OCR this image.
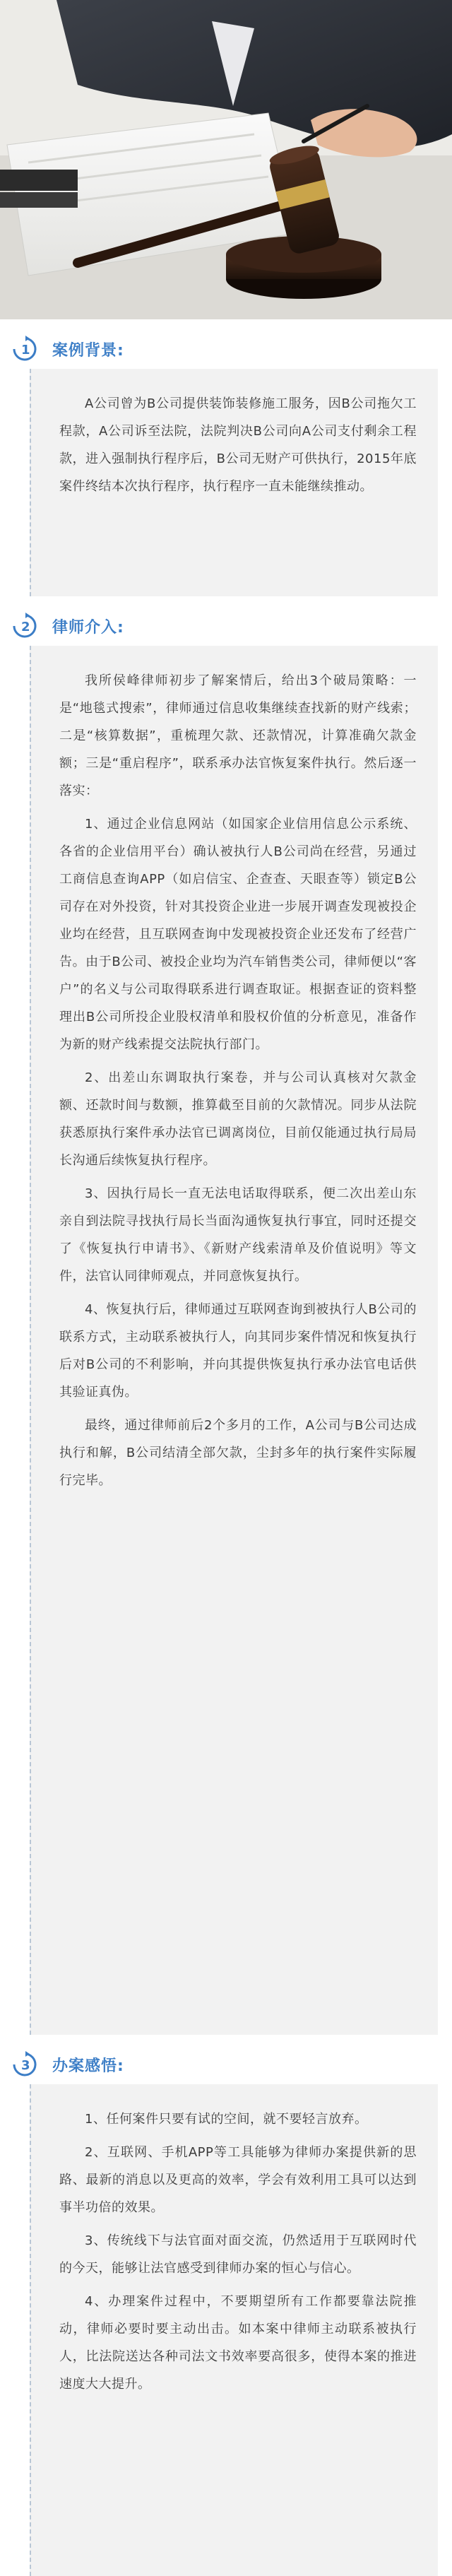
1 案例背景:

A公司曾为B公司提供装饰装修施工服务，因B公司拖欠工程款，A公司诉至法院，法院判决B公司向A公司支付剩余工程款，进入强制执行程序后，B公司无财产可供执行，2015年底案件终结本次执行程序，执行程序一直未能继续推动。

2 律师介入:

我所侯峰律师初步了解案情后，给出3个破局策略：一是“地毯式搜索”，律师通过信息收集继续查找新的财产线索；二是“核算数据”，重梳理欠款、还款情况，计算准确欠款金额；三是“重启程序”，联系承办法官恢复案件执行。然后逐一落实：

1、通过企业信息网站（如国家企业信用信息公示系统、各省的企业信用平台）确认被执行人B公司尚在经营，另通过工商信息查询APP（如启信宝、企查查、天眼查等）锁定B公司存在对外投资，针对其投资企业进一步展开调查发现被投企业均在经营，且互联网查询中发现被投资企业还发布了经营广告。由于B公司、被投企业均为汽车销售类公司，律师便以“客户”的名义与公司取得联系进行调查取证。根据查证的资料整理出B公司所投企业股权清单和股权价值的分析意见，准备作为新的财产线索提交法院执行部门。

2、出差山东调取执行案卷，并与公司认真核对欠款金额、还款时间与数额，推算截至目前的欠款情况。同步从法院获悉原执行案件承办法官已调离岗位，目前仅能通过执行局局长沟通后续恢复执行程序。

3、因执行局长一直无法电话取得联系，便二次出差山东亲自到法院寻找执行局长当面沟通恢复执行事宜，同时还提交了《恢复执行申请书》、《新财产线索清单及价值说明》等文件，法官认同律师观点，并同意恢复执行。

4、恢复执行后，律师通过互联网查询到被执行人B公司的联系方式，主动联系被执行人，向其同步案件情况和恢复执行后对B公司的不利影响，并向其提供恢复执行承办法官电话供其验证真伪。

最终，通过律师前后2个多月的工作，A公司与B公司达成执行和解，B公司结清全部欠款，尘封多年的执行案件实际履行完毕。

3 办案感悟:

1、任何案件只要有试的空间，就不要轻言放弃。

2、互联网、手机APP等工具能够为律师办案提供新的思路、最新的消息以及更高的效率，学会有效利用工具可以达到事半功倍的效果。

3、传统线下与法官面对面交流，仍然适用于互联网时代的今天，能够让法官感受到律师办案的恒心与信心。

4、办理案件过程中，不要期望所有工作都要靠法院推动，律师必要时要主动出击。如本案中律师主动联系被执行人，比法院送达各种司法文书效率要高很多，使得本案的推进速度大大提升。
